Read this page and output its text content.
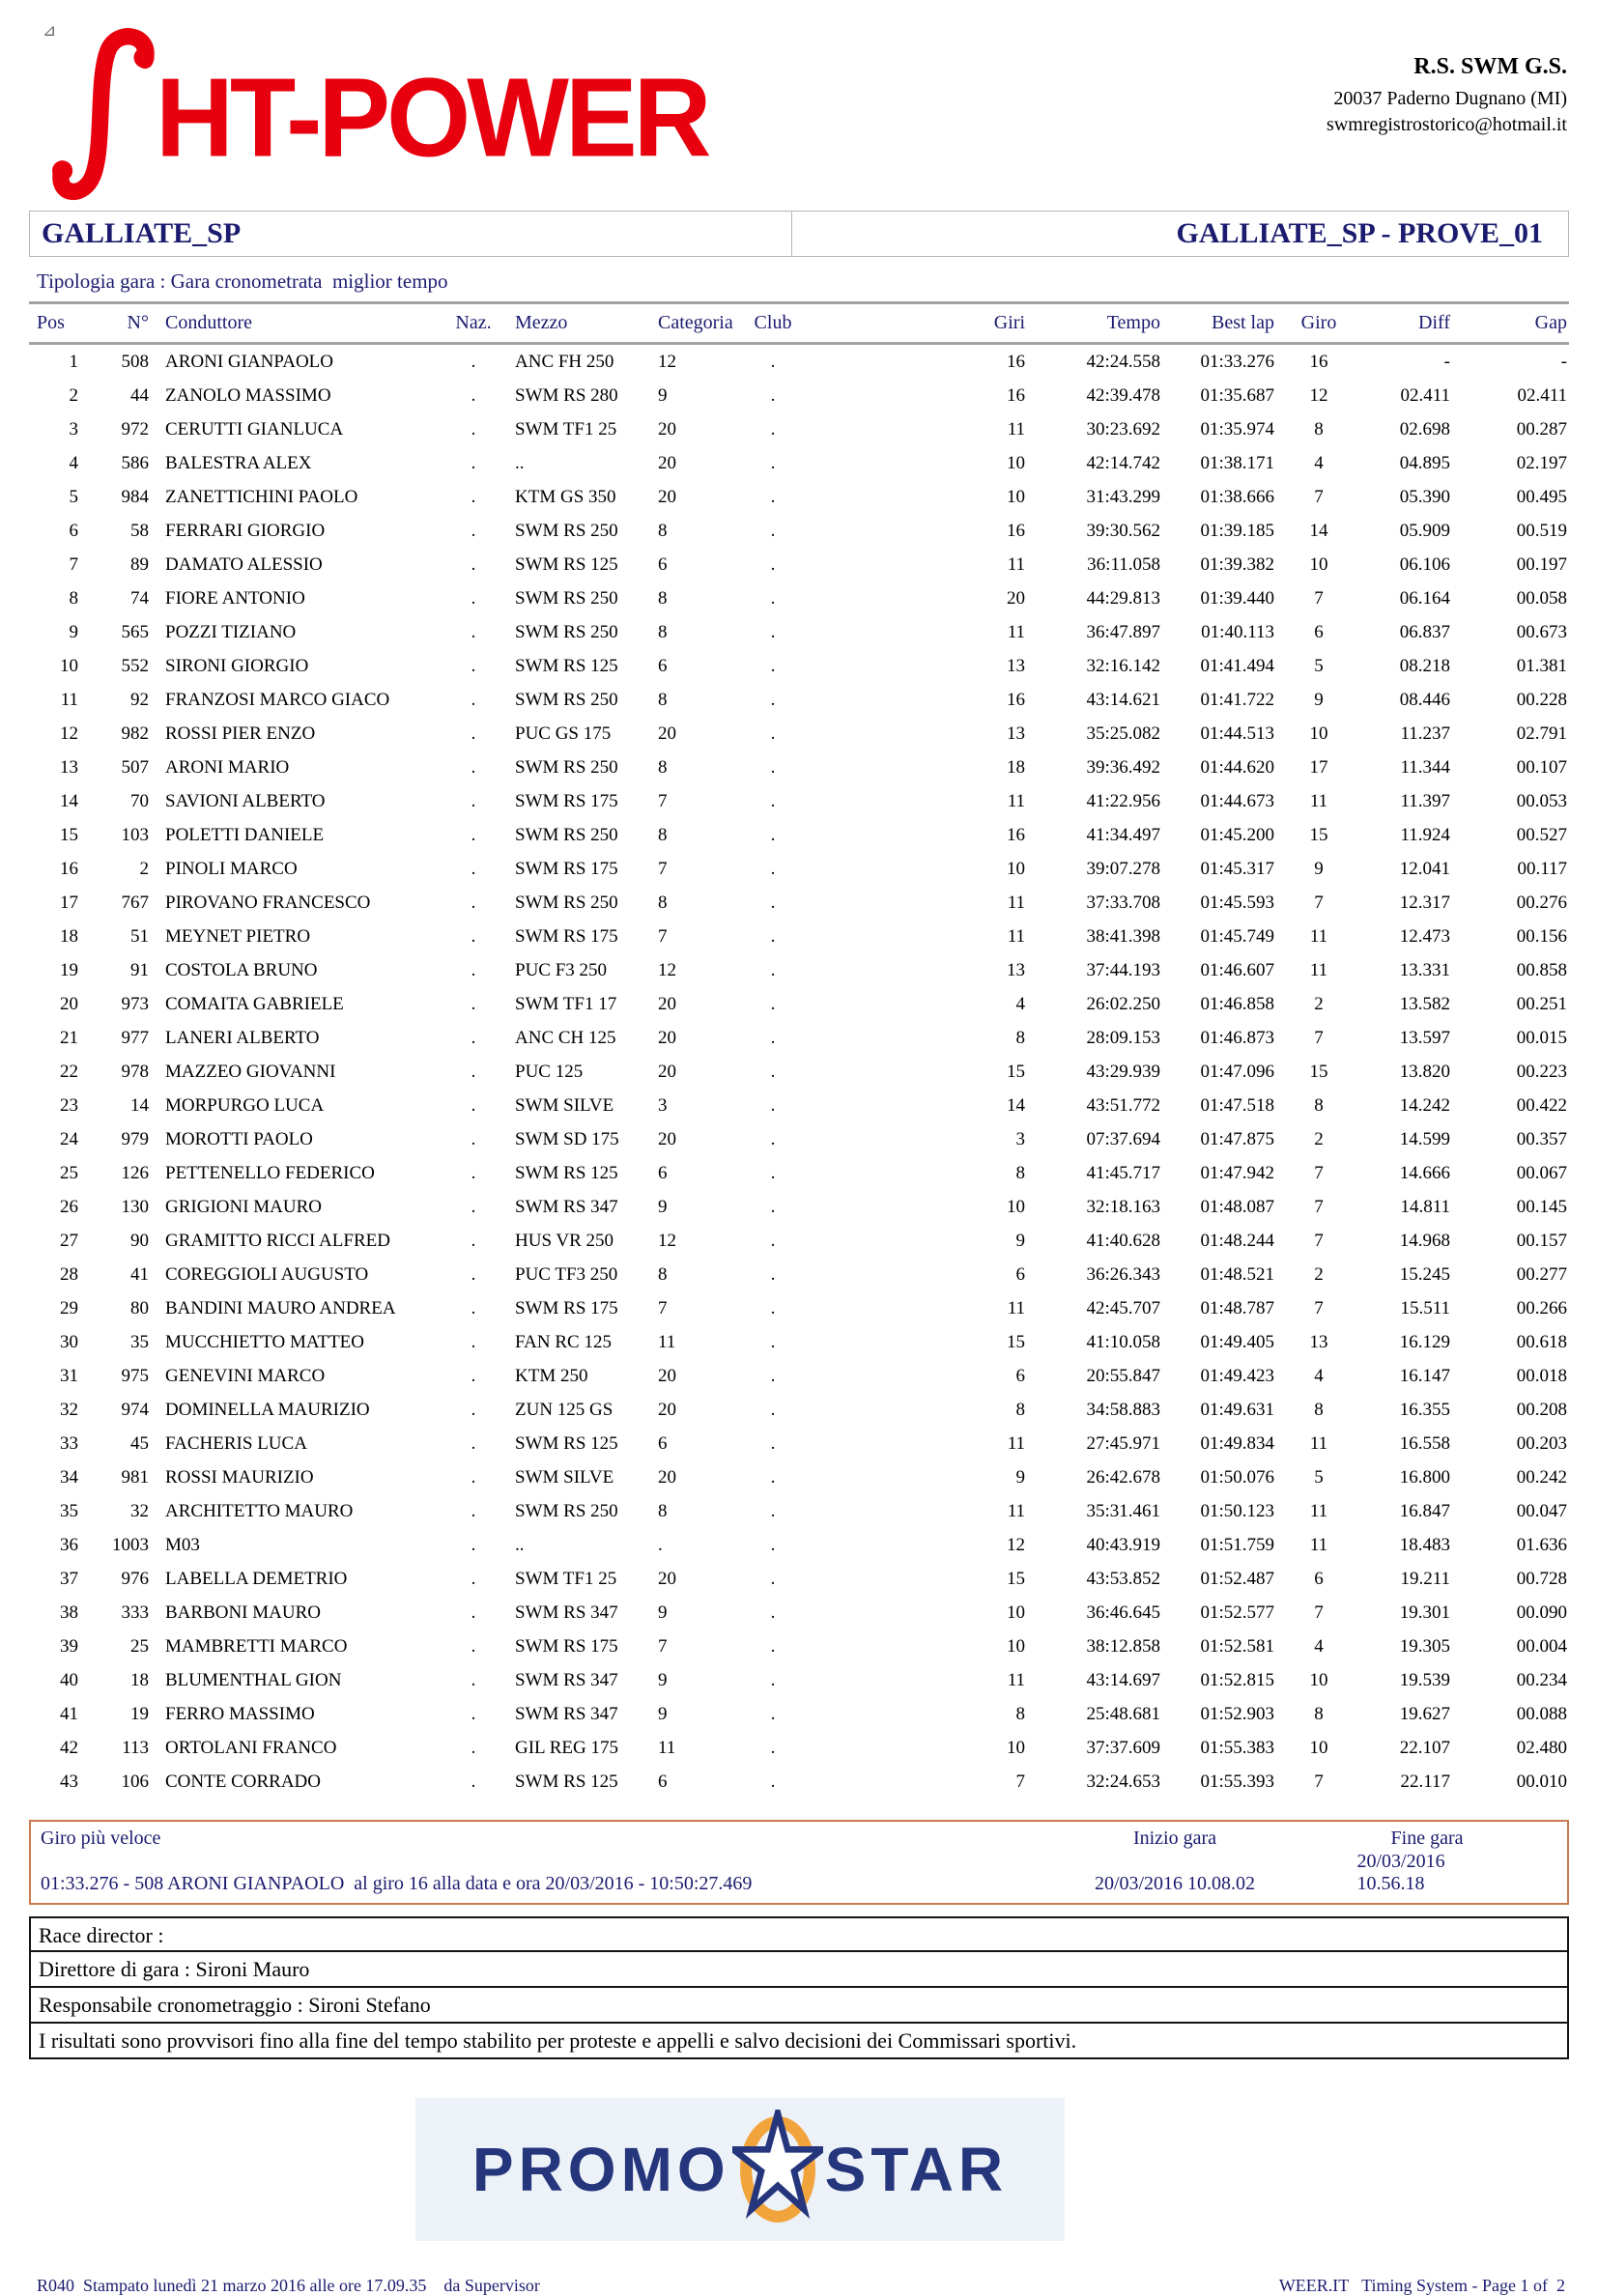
⊿
HT-POWER	R.S. SWM G.S.
20037 Paderno Dugnano (MI)
swmregistrostorico@hotmail.it
GALLIATE_SP	GALLIATE_SP - PROVE_01
Tipologia gara : Gara cronometrata  miglior tempo
Pos	N°	Conduttore	Naz.	Mezzo	Categoria	Club	Giri	Tempo	Best lap	Giro	Diff	Gap
1	508	ARONI GIANPAOLO	.	ANC FH 250	12	.	16	42:24.558	01:33.276	16	-	-
2	44	ZANOLO MASSIMO	.	SWM RS 280	9	.	16	42:39.478	01:35.687	12	02.411	02.411
3	972	CERUTTI GIANLUCA	.	SWM TF1 25	20	.	11	30:23.692	01:35.974	8	02.698	00.287
4	586	BALESTRA ALEX	.	..	20	.	10	42:14.742	01:38.171	4	04.895	02.197
5	984	ZANETTICHINI PAOLO	.	KTM GS 350	20	.	10	31:43.299	01:38.666	7	05.390	00.495
6	58	FERRARI GIORGIO	.	SWM RS 250	8	.	16	39:30.562	01:39.185	14	05.909	00.519
7	89	DAMATO ALESSIO	.	SWM RS 125	6	.	11	36:11.058	01:39.382	10	06.106	00.197
8	74	FIORE ANTONIO	.	SWM RS 250	8	.	20	44:29.813	01:39.440	7	06.164	00.058
9	565	POZZI TIZIANO	.	SWM RS 250	8	.	11	36:47.897	01:40.113	6	06.837	00.673
10	552	SIRONI GIORGIO	.	SWM RS 125	6	.	13	32:16.142	01:41.494	5	08.218	01.381
11	92	FRANZOSI MARCO GIACO	.	SWM RS 250	8	.	16	43:14.621	01:41.722	9	08.446	00.228
12	982	ROSSI PIER ENZO	.	PUC GS 175	20	.	13	35:25.082	01:44.513	10	11.237	02.791
13	507	ARONI MARIO	.	SWM RS 250	8	.	18	39:36.492	01:44.620	17	11.344	00.107
14	70	SAVIONI ALBERTO	.	SWM RS 175	7	.	11	41:22.956	01:44.673	11	11.397	00.053
15	103	POLETTI DANIELE	.	SWM RS 250	8	.	16	41:34.497	01:45.200	15	11.924	00.527
16	2	PINOLI MARCO	.	SWM RS 175	7	.	10	39:07.278	01:45.317	9	12.041	00.117
17	767	PIROVANO FRANCESCO	.	SWM RS 250	8	.	11	37:33.708	01:45.593	7	12.317	00.276
18	51	MEYNET PIETRO	.	SWM RS 175	7	.	11	38:41.398	01:45.749	11	12.473	00.156
19	91	COSTOLA BRUNO	.	PUC F3 250	12	.	13	37:44.193	01:46.607	11	13.331	00.858
20	973	COMAITA GABRIELE	.	SWM TF1 17	20	.	4	26:02.250	01:46.858	2	13.582	00.251
21	977	LANERI ALBERTO	.	ANC CH 125	20	.	8	28:09.153	01:46.873	7	13.597	00.015
22	978	MAZZEO GIOVANNI	.	PUC 125	20	.	15	43:29.939	01:47.096	15	13.820	00.223
23	14	MORPURGO LUCA	.	SWM SILVE	3	.	14	43:51.772	01:47.518	8	14.242	00.422
24	979	MOROTTI PAOLO	.	SWM SD 175	20	.	3	07:37.694	01:47.875	2	14.599	00.357
25	126	PETTENELLO FEDERICO	.	SWM RS 125	6	.	8	41:45.717	01:47.942	7	14.666	00.067
26	130	GRIGIONI MAURO	.	SWM RS 347	9	.	10	32:18.163	01:48.087	7	14.811	00.145
27	90	GRAMITTO RICCI ALFRED	.	HUS VR 250	12	.	9	41:40.628	01:48.244	7	14.968	00.157
28	41	COREGGIOLI AUGUSTO	.	PUC TF3 250	8	.	6	36:26.343	01:48.521	2	15.245	00.277
29	80	BANDINI MAURO ANDREA	.	SWM RS 175	7	.	11	42:45.707	01:48.787	7	15.511	00.266
30	35	MUCCHIETTO MATTEO	.	FAN RC 125	11	.	15	41:10.058	01:49.405	13	16.129	00.618
31	975	GENEVINI MARCO	.	KTM 250	20	.	6	20:55.847	01:49.423	4	16.147	00.018
32	974	DOMINELLA MAURIZIO	.	ZUN 125 GS	20	.	8	34:58.883	01:49.631	8	16.355	00.208
33	45	FACHERIS LUCA	.	SWM RS 125	6	.	11	27:45.971	01:49.834	11	16.558	00.203
34	981	ROSSI MAURIZIO	.	SWM SILVE	20	.	9	26:42.678	01:50.076	5	16.800	00.242
35	32	ARCHITETTO MAURO	.	SWM RS 250	8	.	11	35:31.461	01:50.123	11	16.847	00.047
36	1003	M03	.	..	.	.	12	40:43.919	01:51.759	11	18.483	01.636
37	976	LABELLA DEMETRIO	.	SWM TF1 25	20	.	15	43:53.852	01:52.487	6	19.211	00.728
38	333	BARBONI MAURO	.	SWM RS 347	9	.	10	36:46.645	01:52.577	7	19.301	00.090
39	25	MAMBRETTI MARCO	.	SWM RS 175	7	.	10	38:12.858	01:52.581	4	19.305	00.004
40	18	BLUMENTHAL GION	.	SWM RS 347	9	.	11	43:14.697	01:52.815	10	19.539	00.234
41	19	FERRO MASSIMO	.	SWM RS 347	9	.	8	25:48.681	01:52.903	8	19.627	00.088
42	113	ORTOLANI FRANCO	.	GIL REG 175	11	.	10	37:37.609	01:55.383	10	22.107	02.480
43	106	CONTE CORRADO	.	SWM RS 125	6	.	7	32:24.653	01:55.393	7	22.117	00.010
Giro più veloce
01:33.276 - 508 ARONI GIANPAOLO  al giro 16 alla data e ora 20/03/2016 - 10:50:27.469
Inizio gara
20/03/2016 10.08.02
Fine gara
20/03/2016 10.56.18
Race director :
Direttore di gara : Sironi Mauro
Responsabile cronometraggio : Sironi Stefano
I risultati sono provvisori fino alla fine del tempo stabilito per proteste e appelli e salvo decisioni dei Commissari sportivi.
PROMO STAR
R040  Stampato lunedì 21 marzo 2016 alle ore 17.09.35    da Supervisor	WEER.IT   Timing System - Page 1 of  2
